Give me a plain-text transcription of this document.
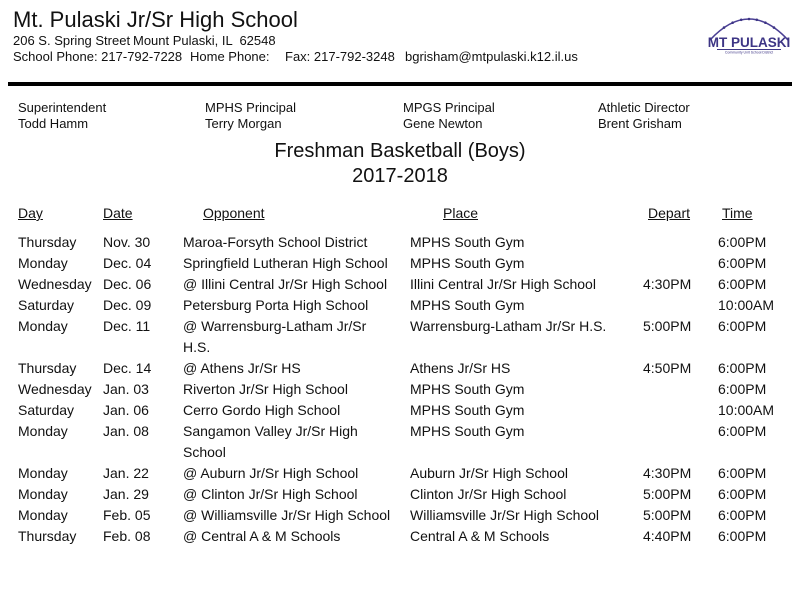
Mt. Pulaski Jr/Sr High School
206 S. Spring Street Mount Pulaski, IL  62548
School Phone: 217-792-7228 Home Phone: Fax: 217-792-3248 bgrisham@mtpulaski.k12.il.us
MT PULASKI
Community Unit School District
Superintendent
Todd Hamm
MPHS Principal
Terry Morgan
MPGS Principal
Gene Newton
Athletic Director
Brent Grisham
Freshman Basketball (Boys)
2017-2018
Day	Date	Opponent	Place	Depart	Time
Thursday	Nov. 30	Maroa-Forsyth School District	MPHS South Gym		6:00PM
Monday	Dec. 04	Springfield Lutheran High School	MPHS South Gym		6:00PM
Wednesday	Dec. 06	@ Illini Central Jr/Sr High School	Illini Central Jr/Sr High School	4:30PM	6:00PM
Saturday	Dec. 09	Petersburg Porta High School	MPHS South Gym		10:00AM
Monday	Dec. 11	@ Warrensburg-Latham Jr/Sr H.S.	Warrensburg-Latham Jr/Sr H.S.	5:00PM	6:00PM
Thursday	Dec. 14	@ Athens Jr/Sr HS	Athens Jr/Sr HS	4:50PM	6:00PM
Wednesday	Jan. 03	Riverton Jr/Sr High School	MPHS South Gym		6:00PM
Saturday	Jan. 06	Cerro Gordo High School	MPHS South Gym		10:00AM
Monday	Jan. 08	Sangamon Valley Jr/Sr High School	MPHS South Gym		6:00PM
Monday	Jan. 22	@ Auburn Jr/Sr High School	Auburn Jr/Sr High School	4:30PM	6:00PM
Monday	Jan. 29	@ Clinton Jr/Sr High School	Clinton Jr/Sr High School	5:00PM	6:00PM
Monday	Feb. 05	@ Williamsville Jr/Sr High School	Williamsville Jr/Sr High School	5:00PM	6:00PM
Thursday	Feb. 08	@ Central A & M Schools	Central A & M Schools	4:40PM	6:00PM
